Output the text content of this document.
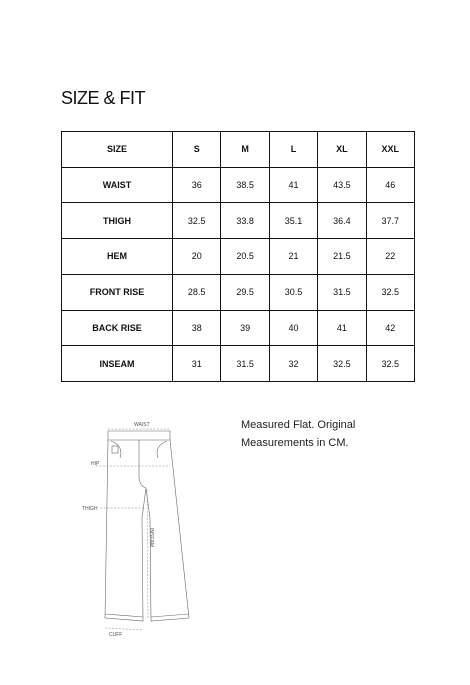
SIZE & FIT
SIZE	S	M	L	XL	XXL
WAIST	36	38.5	41	43.5	46
THIGH	32.5	33.8	35.1	36.4	37.7
HEM	20	20.5	21	21.5	22
FRONT RISE	28.5	29.5	30.5	31.5	32.5
BACK RISE	38	39	40	41	42
INSEAM	31	31.5	32	32.5	32.5
Measured Flat. Original
Measurements in CM.
WAIST
HIP
THIGH
INSEAM
CUFF
